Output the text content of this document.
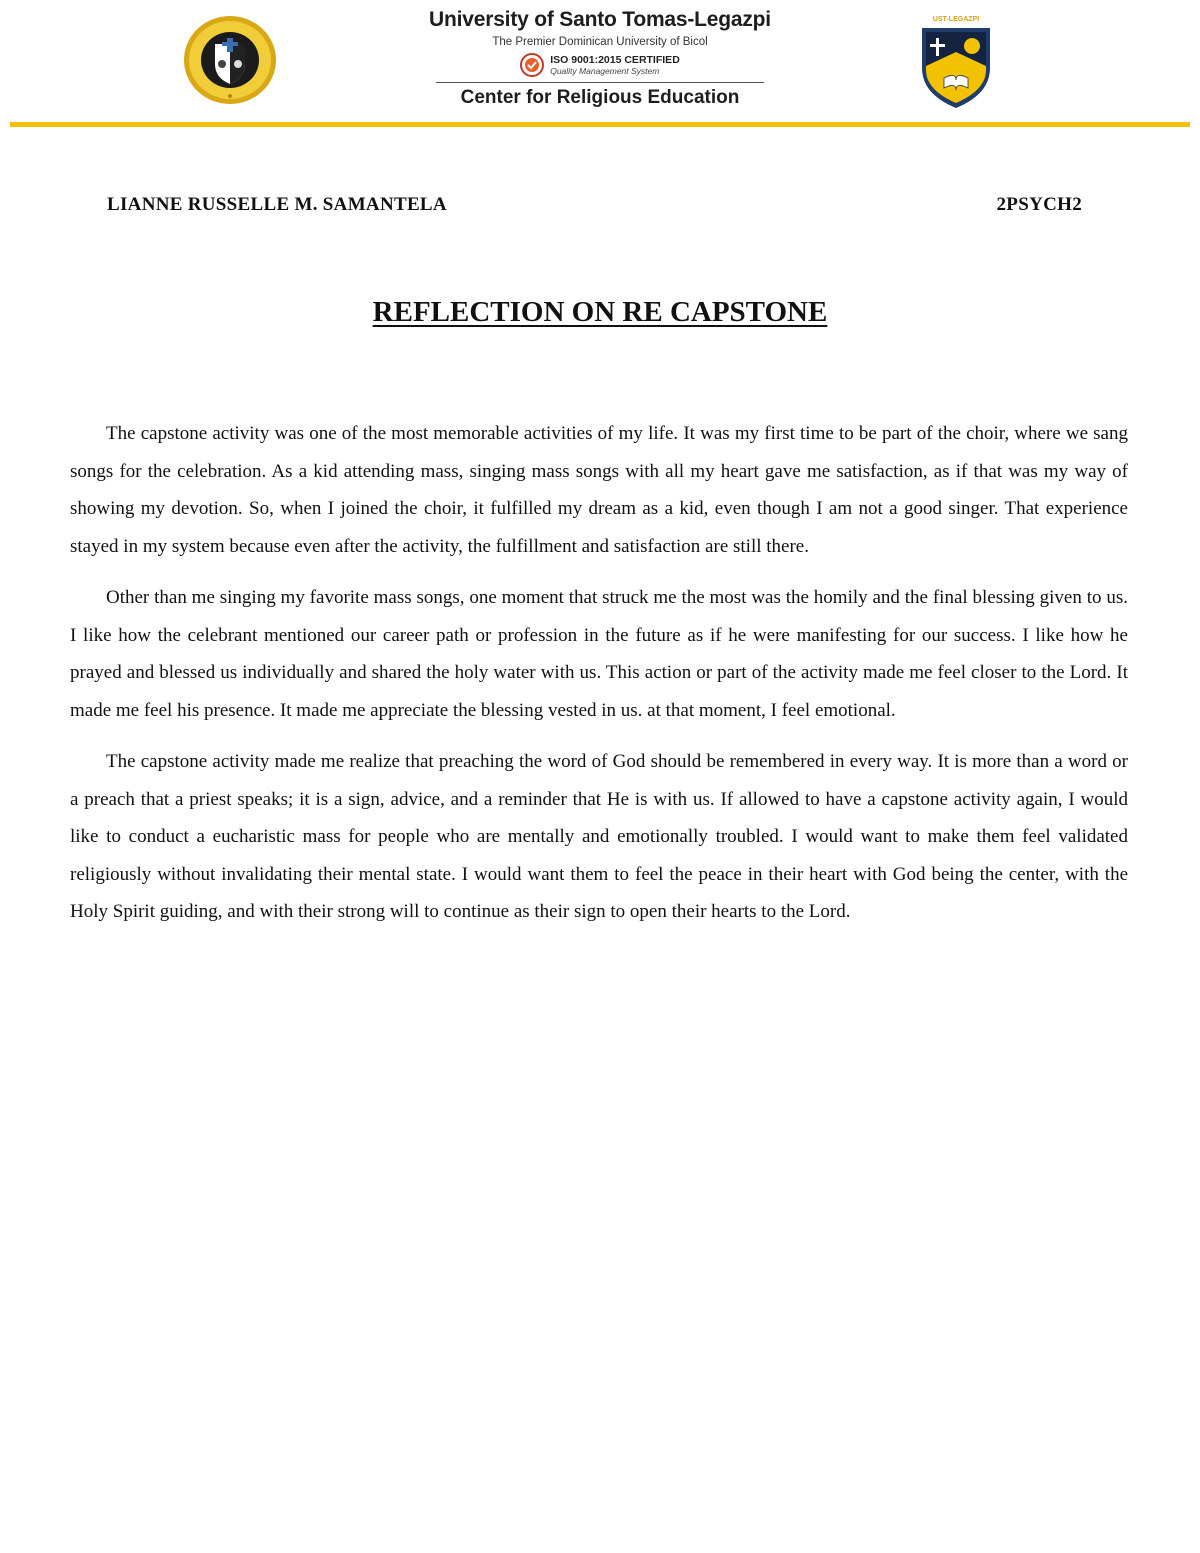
University of Santo Tomas-Legazpi
The Premier Dominican University of Bicol
ISO 9001:2015 CERTIFIED
Quality Management System
Center for Religious Education
UST-LEGAZPI
LIANNE RUSSELLE M. SAMANTELA	2PSYCH2
REFLECTION ON RE CAPSTONE

The capstone activity was one of the most memorable activities of my life. It was my first time to be part of the choir, where we sang songs for the celebration. As a kid attending mass, singing mass songs with all my heart gave me satisfaction, as if that was my way of showing my devotion. So, when I joined the choir, it fulfilled my dream as a kid, even though I am not a good singer. That experience stayed in my system because even after the activity, the fulfillment and satisfaction are still there.

Other than me singing my favorite mass songs, one moment that struck me the most was the homily and the final blessing given to us. I like how the celebrant mentioned our career path or profession in the future as if he were manifesting for our success. I like how he prayed and blessed us individually and shared the holy water with us. This action or part of the activity made me feel closer to the Lord. It made me feel his presence. It made me appreciate the blessing vested in us. at that moment, I feel emotional.

The capstone activity made me realize that preaching the word of God should be remembered in every way. It is more than a word or a preach that a priest speaks; it is a sign, advice, and a reminder that He is with us. If allowed to have a capstone activity again, I would like to conduct a eucharistic mass for people who are mentally and emotionally troubled. I would want to make them feel validated religiously without invalidating their mental state. I would want them to feel the peace in their heart with God being the center, with the Holy Spirit guiding, and with their strong will to continue as their sign to open their hearts to the Lord.
